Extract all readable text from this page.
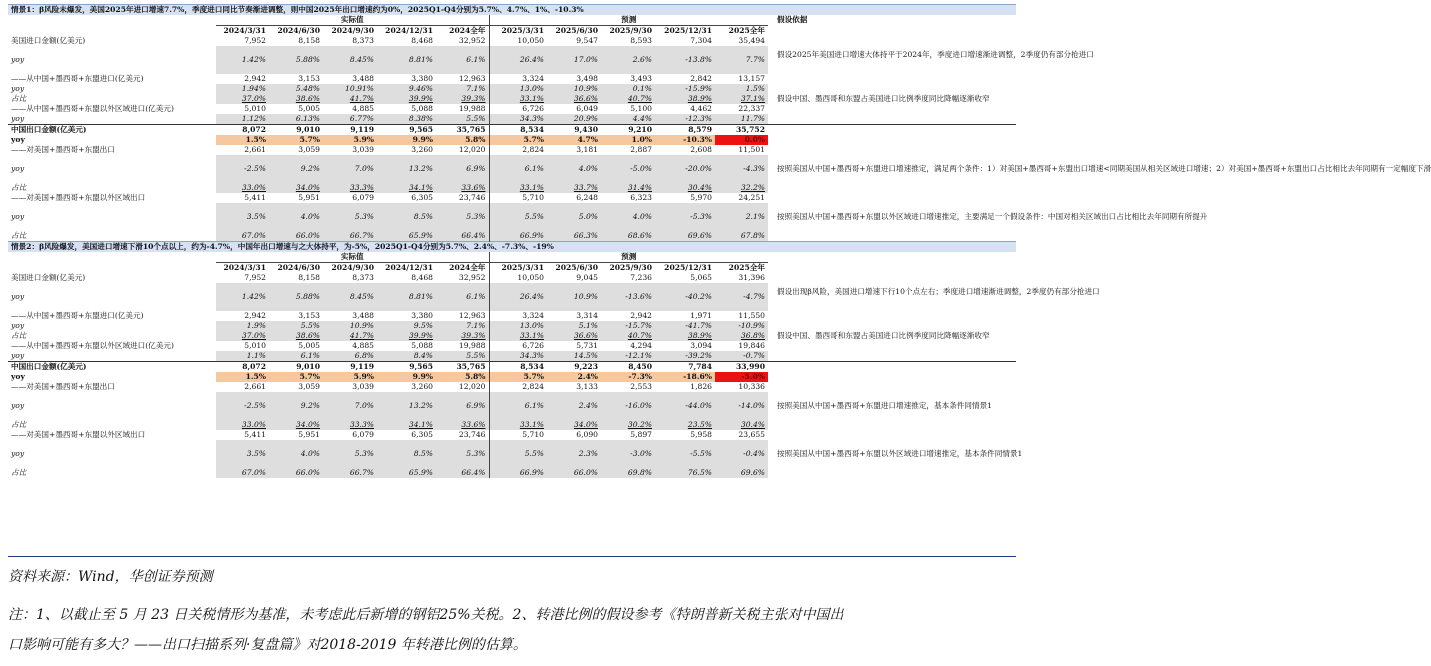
情景1：β风险未爆发，美国2025年进口增速7.7%，季度进口同比节奏渐进调整，则中国2025年出口增速约为0%，2025Q1-Q4分别为5.7%、4.7%、1%、-10.3%												
	实际值					预测						假设依据
	2024/3/31	2024/6/30	2024/9/30	2024/12/31	2024全年	2025/3/31	2025/6/30	2025/9/30	2025/12/31	2025全年		
美国进口金额(亿美元)	7,952	8,158	8,373	8,468	32,952	10,050	9,547	8,593	7,304	35,494		假设2025年美国进口增速大体持平于2024年，季度进口增速渐进调整，2季度仍有部分抢进口
yoy	1.42%	5.88%	8.45%	8.81%	6.1%	26.4%	17.0%	2.6%	-13.8%	7.7%		
——从中国+墨西哥+东盟进口(亿美元)	2,942	3,153	3,488	3,380	12,963	3,324	3,498	3,493	2,842	13,157		假设中国、墨西哥和东盟占美国进口比例季度同比降幅逐渐收窄
yoy	1.94%	5.48%	10.91%	9.46%	7.1%	13.0%	10.9%	0.1%	-15.9%	1.5%		
占比	37.0%	38.6%	41.7%	39.9%	39.3%	33.1%	36.6%	40.7%	38.9%	37.1%		
——从中国+墨西哥+东盟以外区域进口(亿美元)	5,010	5,005	4,885	5,088	19,988	6,726	6,049	5,100	4,462	22,337		
yoy	1.12%	6.13%	6.77%	8.38%	5.5%	34.3%	20.9%	4.4%	-12.3%	11.7%		
中国出口金额(亿美元)	8,072	9,010	9,119	9,565	35,765	8,534	9,430	9,210	8,579	35,752		
yoy	1.5%	5.7%	5.9%	9.9%	5.8%	5.7%	4.7%	1.0%	-10.3%	0.0%		
——对美国+墨西哥+东盟出口	2,661	3,059	3,039	3,260	12,020	2,824	3,181	2,887	2,608	11,501		按照美国从中国+墨西哥+东盟进口增速推定，满足两个条件：1）对美国+墨西哥+东盟出口增速<同期美国从相关区域进口增速；2）对美国+墨西哥+东盟出口占比相比去年同期有一定幅度下滑
yoy	-2.5%	9.2%	7.0%	13.2%	6.9%	6.1%	4.0%	-5.0%	-20.0%	-4.3%		
占比	33.0%	34.0%	33.3%	34.1%	33.6%	33.1%	33.7%	31.4%	30.4%	32.2%		
——对美国+墨西哥+东盟以外区域出口	5,411	5,951	6,079	6,305	23,746	5,710	6,248	6,323	5,970	24,251		按照美国从中国+墨西哥+东盟以外区域进口增速推定，主要满足一个假设条件：中国对相关区域出口占比相比去年同期有所提升
yoy	3.5%	4.0%	5.3%	8.5%	5.3%	5.5%	5.0%	4.0%	-5.3%	2.1%		
占比	67.0%	66.0%	66.7%	65.9%	66.4%	66.9%	66.3%	68.6%	69.6%	67.8%		
情景2：β风险爆发，美国进口增速下滑10个点以上，约为-4.7%，中国年出口增速与之大体持平，为-5%，2025Q1-Q4分别为5.7%、2.4%、-7.3%、-19%												
	实际值					预测						
	2024/3/31	2024/6/30	2024/9/30	2024/12/31	2024全年	2025/3/31	2025/6/30	2025/9/30	2025/12/31	2025全年		
美国进口金额(亿美元)	7,952	8,158	8,373	8,468	32,952	10,050	9,045	7,236	5,065	31,396		假设出现β风险，美国进口增速下行10个点左右；季度进口增速渐进调整，2季度仍有部分抢进口
yoy	1.42%	5.88%	8.45%	8.81%	6.1%	26.4%	10.9%	-13.6%	-40.2%	-4.7%		
——从中国+墨西哥+东盟进口(亿美元)	2,942	3,153	3,488	3,380	12,963	3,324	3,314	2,942	1,971	11,550		假设中国、墨西哥和东盟占美国进口比例季度同比降幅逐渐收窄
yoy	1.9%	5.5%	10.9%	9.5%	7.1%	13.0%	5.1%	-15.7%	-41.7%	-10.9%		
占比	37.0%	38.6%	41.7%	39.9%	39.3%	33.1%	36.6%	40.7%	38.9%	36.8%		
——从中国+墨西哥+东盟以外区域进口(亿美元)	5,010	5,005	4,885	5,088	19,988	6,726	5,731	4,294	3,094	19,846		
yoy	1.1%	6.1%	6.8%	8.4%	5.5%	34.3%	14.5%	-12.1%	-39.2%	-0.7%		
中国出口金额(亿美元)	8,072	9,010	9,119	9,565	35,765	8,534	9,223	8,450	7,784	33,990		
yoy	1.5%	5.7%	5.9%	9.9%	5.8%	5.7%	2.4%	-7.3%	-18.6%	-5.0%		
——对美国+墨西哥+东盟出口	2,661	3,059	3,039	3,260	12,020	2,824	3,133	2,553	1,826	10,336		按照美国从中国+墨西哥+东盟进口增速推定，基本条件同情景1
yoy	-2.5%	9.2%	7.0%	13.2%	6.9%	6.1%	2.4%	-16.0%	-44.0%	-14.0%		
占比	33.0%	34.0%	33.3%	34.1%	33.6%	33.1%	34.0%	30.2%	23.5%	30.4%		
——对美国+墨西哥+东盟以外区域出口	5,411	5,951	6,079	6,305	23,746	5,710	6,090	5,897	5,958	23,655		按照美国从中国+墨西哥+东盟以外区域进口增速推定，基本条件同情景1
yoy	3.5%	4.0%	5.3%	8.5%	5.3%	5.5%	2.3%	-3.0%	-5.5%	-0.4%		
占比	67.0%	66.0%	66.7%	65.9%	66.4%	66.9%	66.0%	69.8%	76.5%	69.6%		
资料来源：Wind，华创证券预测
注：1、以截止至 5 月 23 日关税情形为基准，未考虑此后新增的钢铝25%关税。2、转港比例的假设参考《特朗普新关税主张对中国出
口影响可能有多大？——出口扫描系列·复盘篇》对2018-2019 年转港比例的估算。
